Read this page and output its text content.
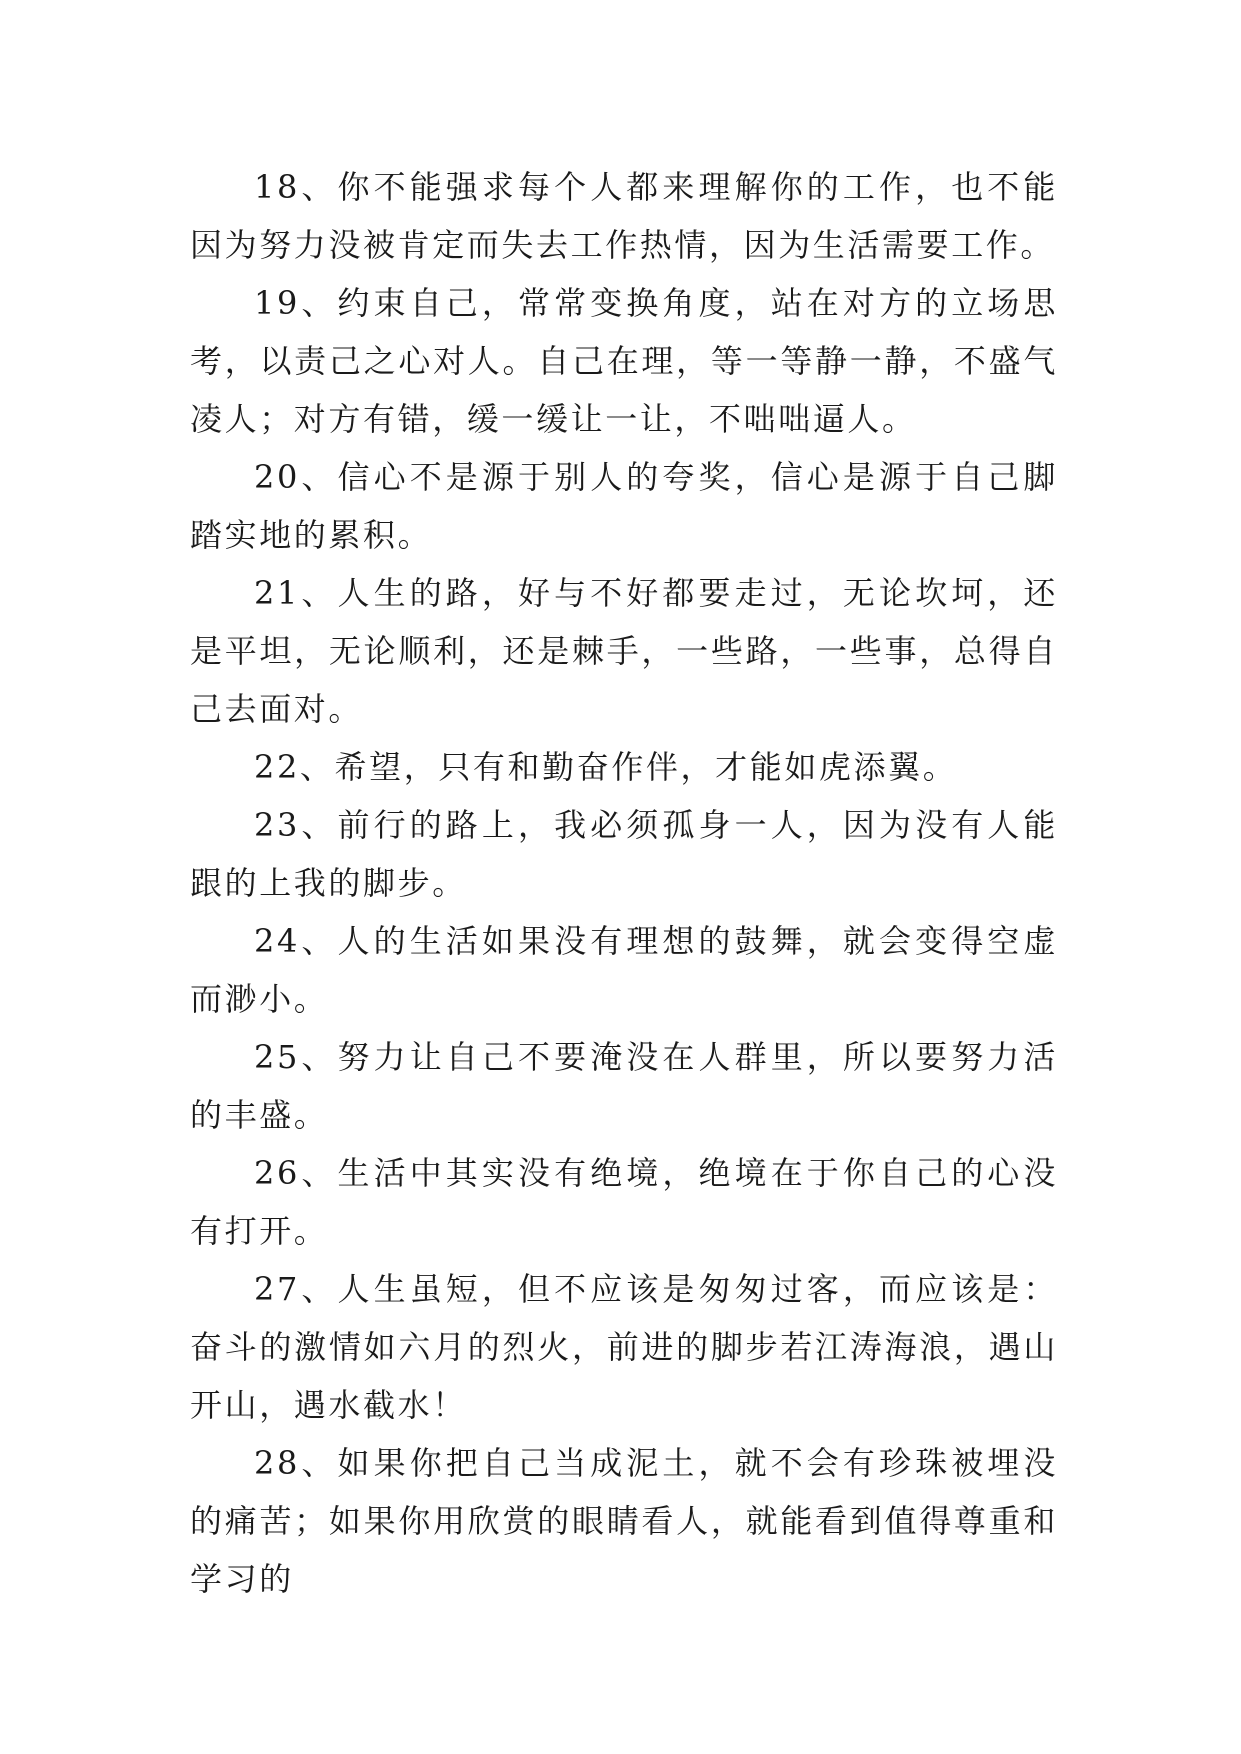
18、你不能强求每个人都来理解你的工作，也不能因为努力没被肯定而失去工作热情，因为生活需要工作。

19、约束自己，常常变换角度，站在对方的立场思考，以责己之心对人。自己在理，等一等静一静，不盛气凌人；对方有错，缓一缓让一让，不咄咄逼人。

20、信心不是源于别人的夸奖，信心是源于自己脚踏实地的累积。

21、人生的路，好与不好都要走过，无论坎坷，还是平坦，无论顺利，还是棘手，一些路，一些事，总得自己去面对。

22、希望，只有和勤奋作伴，才能如虎添翼。

23、前行的路上，我必须孤身一人，因为没有人能跟的上我的脚步。

24、人的生活如果没有理想的鼓舞，就会变得空虚而渺小。

25、努力让自己不要淹没在人群里，所以要努力活的丰盛。

26、生活中其实没有绝境，绝境在于你自己的心没有打开。

27、人生虽短，但不应该是匆匆过客，而应该是：奋斗的激情如六月的烈火，前进的脚步若江涛海浪，遇山开山，遇水截水！

28、如果你把自己当成泥土，就不会有珍珠被埋没的痛苦；如果你用欣赏的眼睛看人，就能看到值得尊重和学习的
